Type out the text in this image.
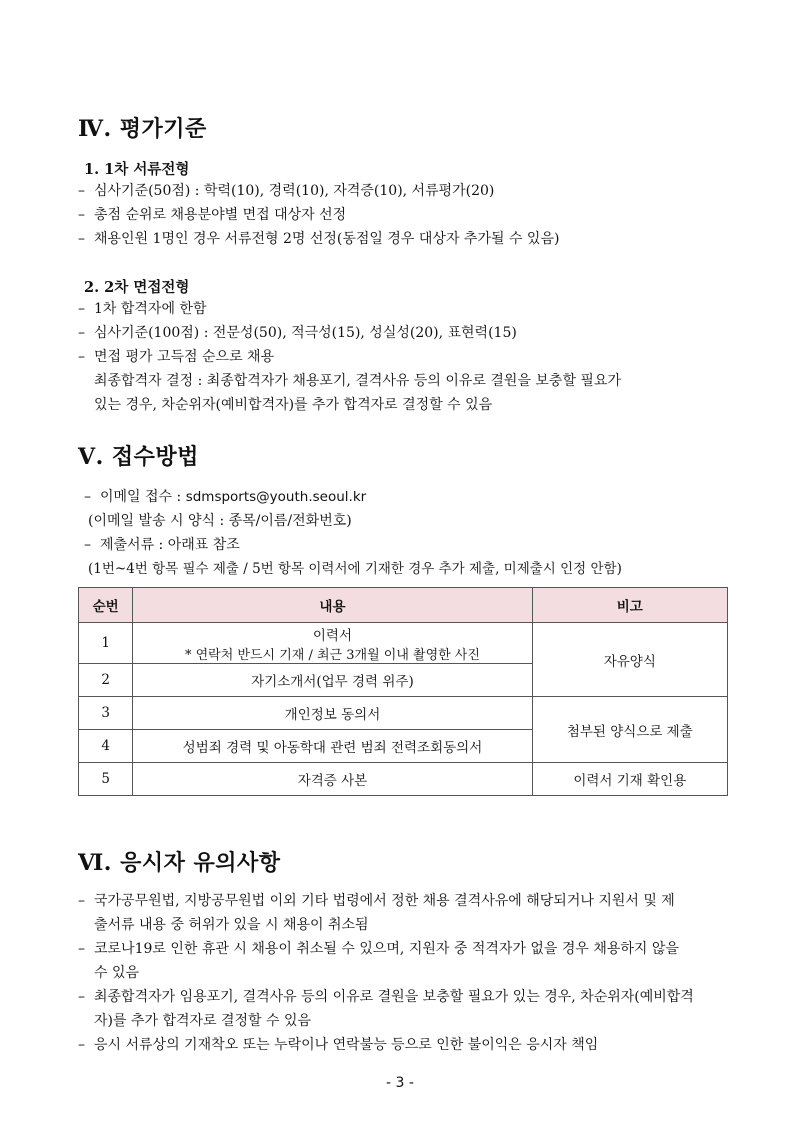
Ⅳ. 평가기준
1. 1차 서류전형
– 심사기준(50점) : 학력(10), 경력(10), 자격증(10), 서류평가(20)
– 총점 순위로 채용분야별 면접 대상자 선정
– 채용인원 1명인 경우 서류전형 2명 선정(동점일 경우 대상자 추가될 수 있음)
2. 2차 면접전형
– 1차 합격자에 한함
– 심사기준(100점) : 전문성(50), 적극성(15), 성실성(20), 표현력(15)
– 면접 평가 고득점 순으로 채용
최종합격자 결정 : 최종합격자가 채용포기, 결격사유 등의 이유로 결원을 보충할 필요가
있는 경우, 차순위자(예비합격자)를 추가 합격자로 결정할 수 있음
Ⅴ. 접수방법
– 이메일 접수 : sdmsports@youth.seoul.kr
(이메일 발송 시 양식 : 종목/이름/전화번호)
– 제출서류 : 아래표 참조
(1번~4번 항목 필수 제출 / 5번 항목 이력서에 기재한 경우 추가 제출, 미제출시 인정 안함)
순번	내용	비고
1	이력서
* 연락처 반드시 기재 / 최근 3개월 이내 촬영한 사진	자유양식
2	자기소개서(업무 경력 위주)	
3	개인정보 동의서	첨부된 양식으로 제출
4	성범죄 경력 및 아동학대 관련 범죄 전력조회동의서	
5	자격증 사본	이력서 기재 확인용
Ⅵ. 응시자 유의사항
– 국가공무원법, 지방공무원법 이외 기타 법령에서 정한 채용 결격사유에 해당되거나 지원서 및 제
출서류 내용 중 허위가 있을 시 채용이 취소됨
– 코로나19로 인한 휴관 시 채용이 취소될 수 있으며, 지원자 중 적격자가 없을 경우 채용하지 않을
수 있음
– 최종합격자가 임용포기, 결격사유 등의 이유로 결원을 보충할 필요가 있는 경우, 차순위자(예비합격
자)를 추가 합격자로 결정할 수 있음
– 응시 서류상의 기재착오 또는 누락이나 연락불능 등으로 인한 불이익은 응시자 책임
- 3 -
